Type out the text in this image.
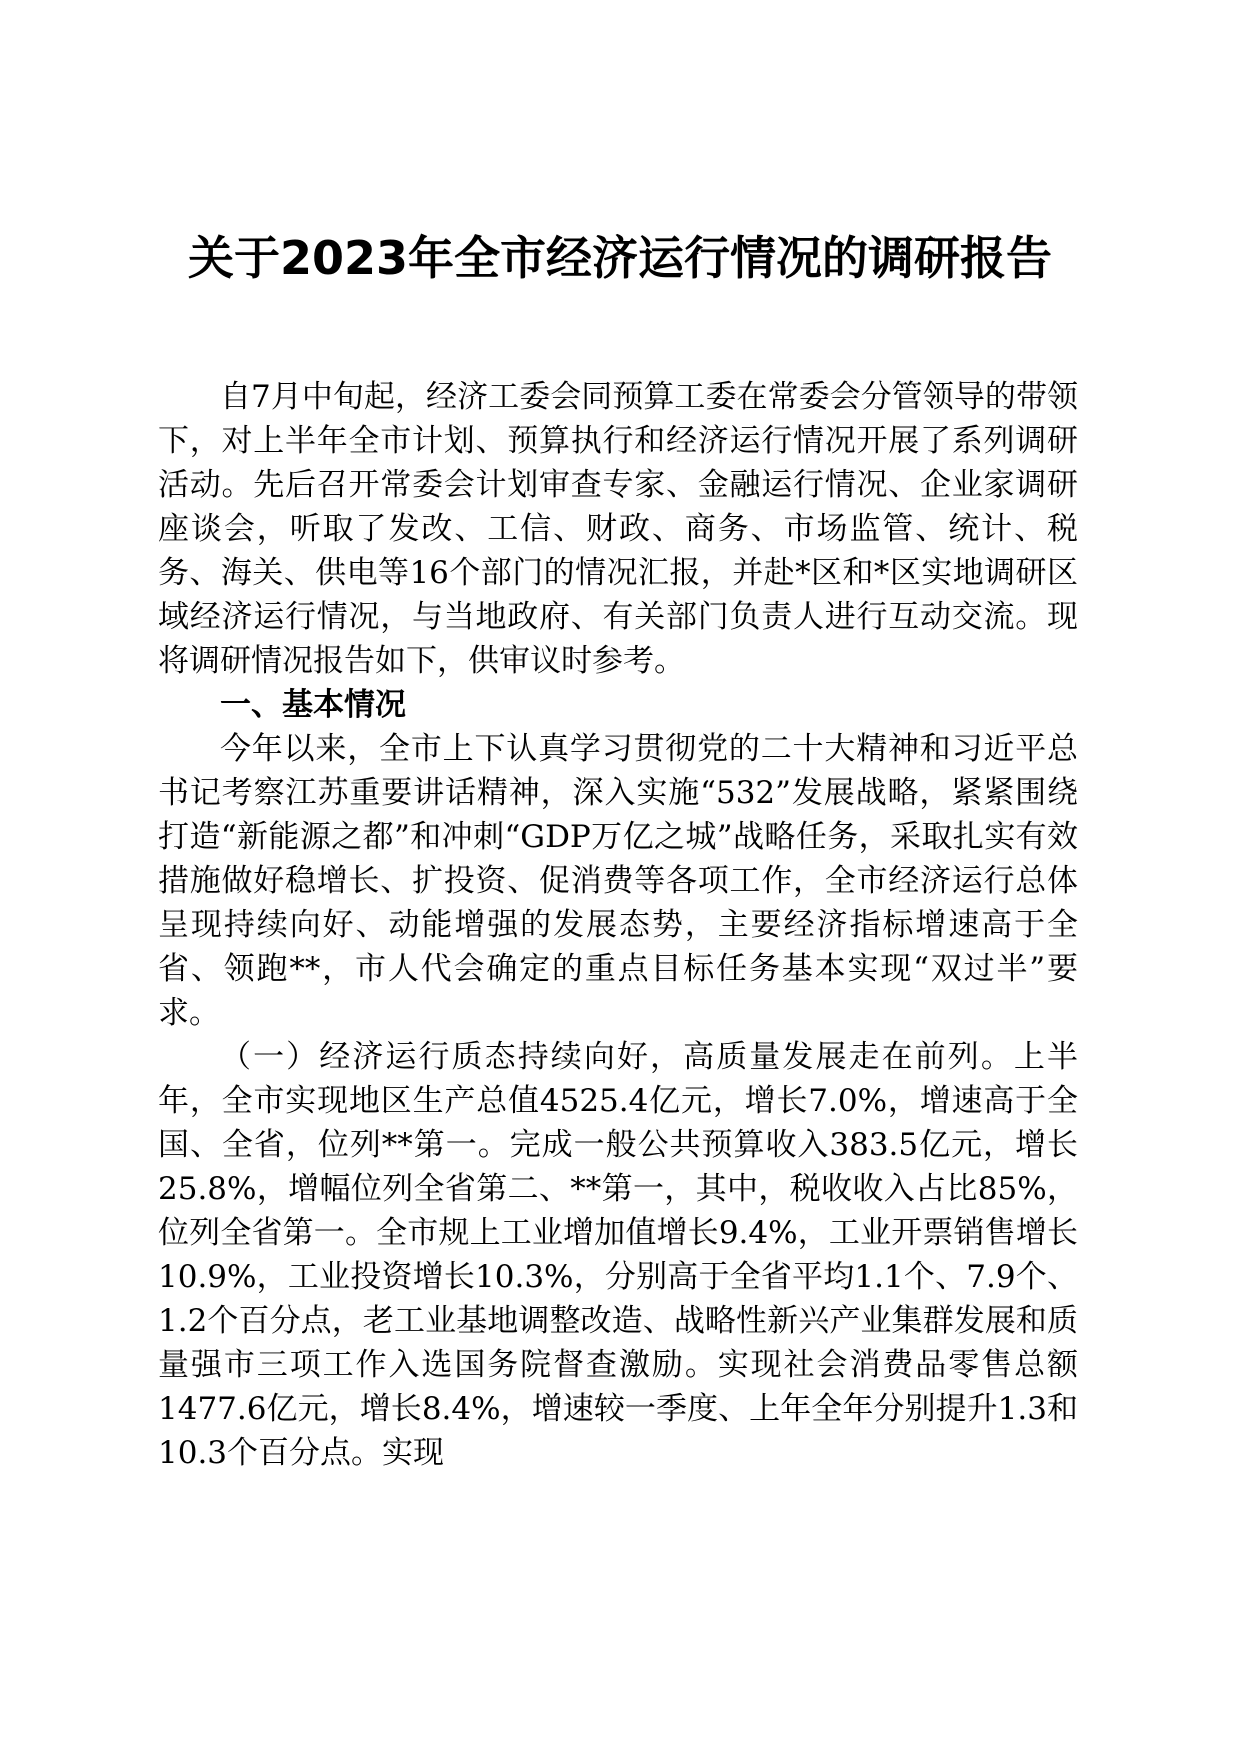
关于2023年全市经济运行情况的调研报告

自7月中旬起，经济工委会同预算工委在常委会分管领导的带领下，对上半年全市计划、预算执行和经济运行情况开展了系列调研活动。先后召开常委会计划审查专家、金融运行情况、企业家调研座谈会，听取了发改、工信、财政、商务、市场监管、统计、税务、海关、供电等16个部门的情况汇报，并赴*区和*区实地调研区域经济运行情况，与当地政府、有关部门负责人进行互动交流。现将调研情况报告如下，供审议时参考。

一、基本情况

今年以来，全市上下认真学习贯彻党的二十大精神和习近平总书记考察江苏重要讲话精神，深入实施“532”发展战略，紧紧围绕打造“新能源之都”和冲刺“GDP万亿之城”战略任务，采取扎实有效措施做好稳增长、扩投资、促消费等各项工作，全市经济运行总体呈现持续向好、动能增强的发展态势，主要经济指标增速高于全省、领跑**，市人代会确定的重点目标任务基本实现“双过半”要求。

（一）经济运行质态持续向好，高质量发展走在前列。上半年，全市实现地区生产总值4525.4亿元，增长7.0%，增速高于全国、全省，位列**第一。完成一般公共预算收入383.5亿元，增长25.8%，增幅位列全省第二、**第一，其中，税收收入占比85%，位列全省第一。全市规上工业增加值增长9.4%，工业开票销售增长10.9%，工业投资增长10.3%，分别高于全省平均1.1个、7.9个、1.2个百分点，老工业基地调整改造、战略性新兴产业集群发展和质量强市三项工作入选国务院督查激励。实现社会消费品零售总额1477.6亿元，增长8.4%，增速较一季度、上年全年分别提升1.3和10.3个百分点。实现
